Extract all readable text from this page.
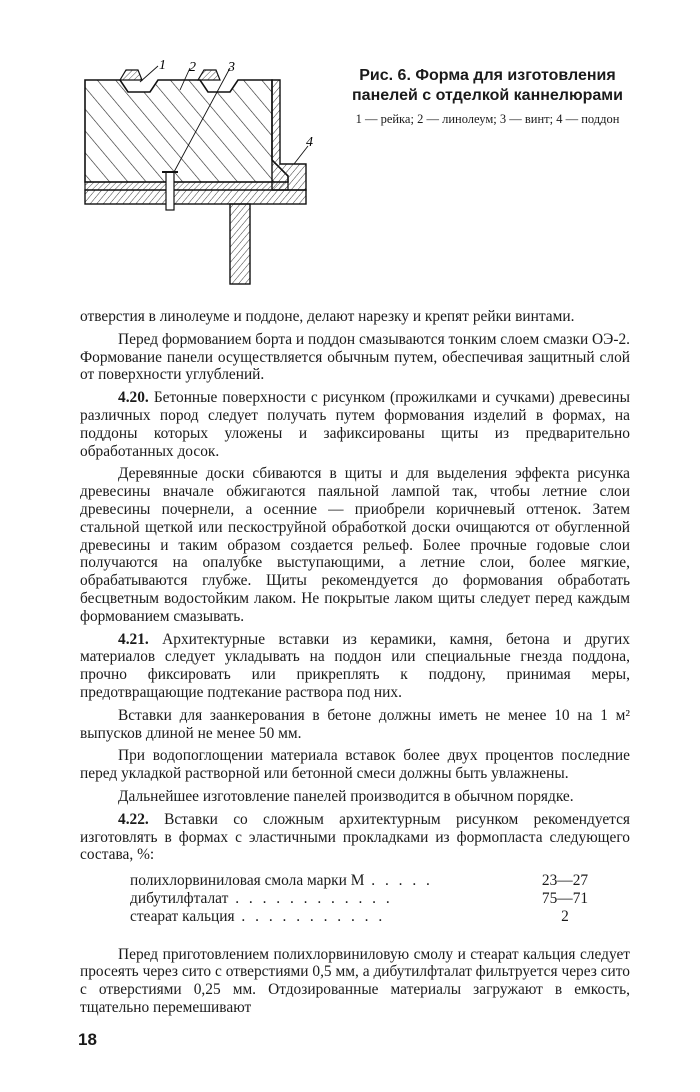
1 2 3
4

Рис. 6. Форма для изготовления панелей с отделкой каннелюрами

1 — рейка; 2 — линолеум; 3 — винт; 4 — поддон

отверстия в линолеуме и поддоне, делают нарезку и крепят рейки винтами.

Перед формованием борта и поддон смазываются тонким слоем смазки ОЭ-2. Формование панели осуществляется обычным путем, обеспечивая защитный слой от поверхности углублений.

4.20. Бетонные поверхности с рисунком (прожилками и сучками) древесины различных пород следует получать путем формования изделий в формах, на поддоны которых уложены и зафиксированы щиты из предварительно обработанных досок.

Деревянные доски сбиваются в щиты и для выделения эффекта рисунка древесины вначале обжигаются паяльной лампой так, чтобы летние слои древесины почернели, а осенние — приобрели коричневый оттенок. Затем стальной щеткой или пескоструйной обработкой доски очищаются от обугленной древесины и таким образом создается рельеф. Более прочные годовые слои получаются на опалубке выступающими, а летние слои, более мягкие, обрабатываются глубже. Щиты рекомендуется до формования обработать бесцветным водостойким лаком. Не покрытые лаком щиты следует перед каждым формованием смазывать.

4.21. Архитектурные вставки из керамики, камня, бетона и других материалов следует укладывать на поддон или специальные гнезда поддона, прочно фиксировать или прикреплять к поддону, принимая меры, предотвращающие подтекание раствора под них.

Вставки для заанкерования в бетоне должны иметь не менее 10 на 1 м² выпусков длиной не менее 50 мм.

При водопоглощении материала вставок более двух процентов последние перед укладкой растворной или бетонной смеси должны быть увлажнены.

Дальнейшее изготовление панелей производится в обычном порядке.

4.22. Вставки со сложным архитектурным рисунком рекомендуется изготовлять в формах с эластичными прокладками из формопласта следующего состава, %:

полихлорвиниловая смола марки М . . . . .	23—27
дибутилфталат . . . . . . . . . . . .	75—71
стеарат кальция . . . . . . . . . . .	2

Перед приготовлением полихлорвиниловую смолу и стеарат кальция следует просеять через сито с отверстиями 0,5 мм, а дибутилфталат фильтруется через сито с отверстиями 0,25 мм. Отдозированные материалы загружают в емкость, тщательно перемешивают

18
